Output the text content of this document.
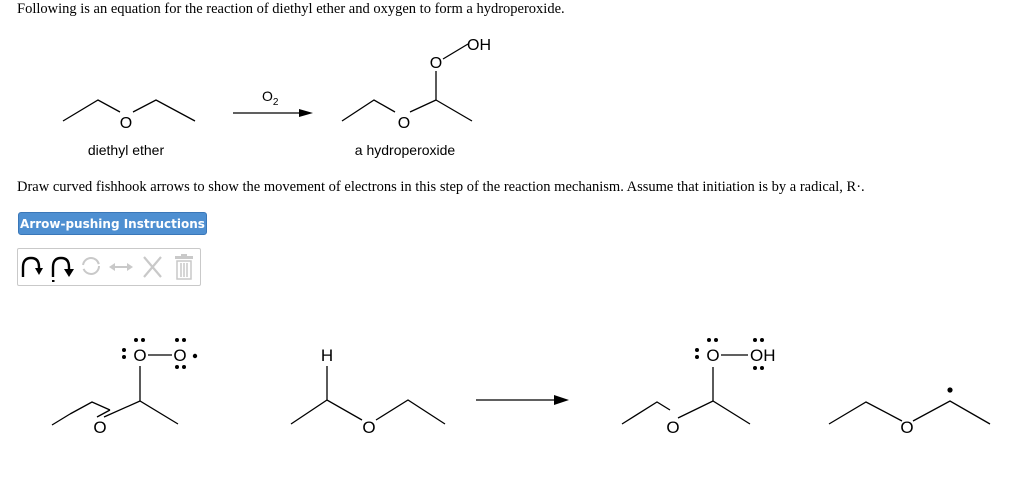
Following is an equation for the reaction of diethyl ether and oxygen to form a hydroperoxide.
O
diethyl ether
$O_2$
O
O
OH
a hydroperoxide
Draw curved fishhook arrows to show the movement of electrons in this step of the reaction mechanism. Assume that initiation is by a radical, R·.
Arrow-pushing Instructions
O
O O	H
O	O
O OH
O
